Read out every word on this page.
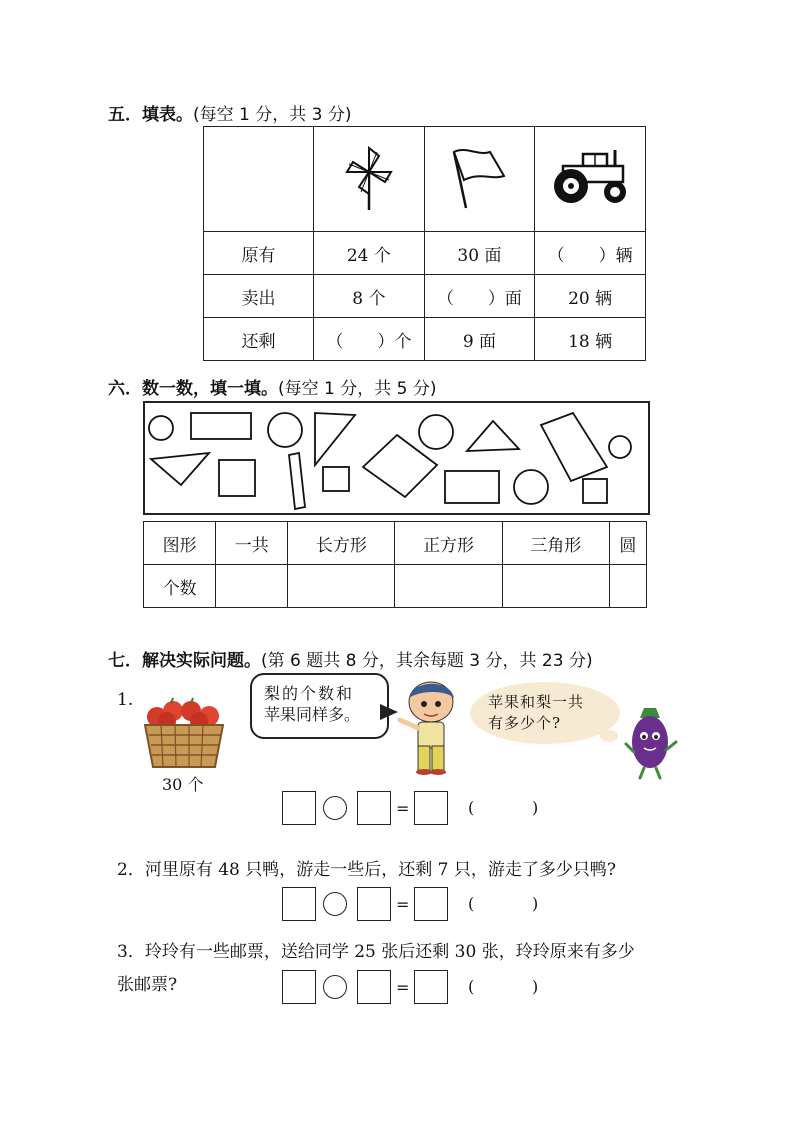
五．填表。(每空 1 分，共 3 分)

原有	24 个	30 面	（　　）辆
卖出	8 个	（　　）面	20 辆
还剩	（　　）个	9 面	18 辆
六．数一数，填一填。(每空 1 分，共 5 分)
图形	一共	长方形	正方形	三角形	圆
个数					
七．解决实际问题。(第 6 题共 8 分，其余每题 3 分，共 23 分)
1.
30 个
梨的个数和
苹果同样多。
苹果和梨一共
有多少个?
=	(	)
2．河里原有 48 只鸭，游走一些后，还剩 7 只，游走了多少只鸭?
=	(	)
3．玲玲有一些邮票，送给同学 25 张后还剩 30 张，玲玲原来有多少
张邮票?	=	(	)
